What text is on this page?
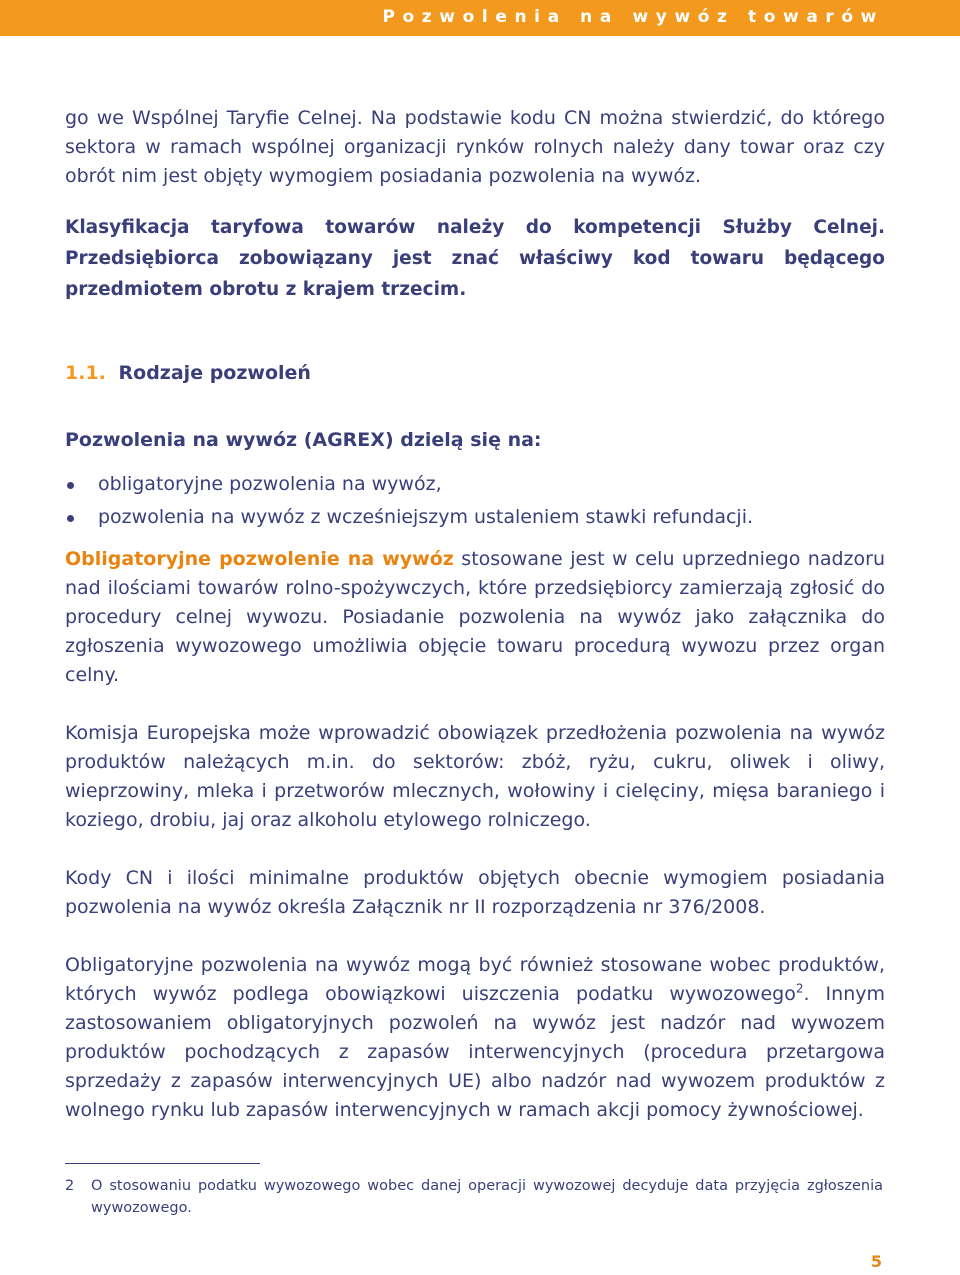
Pozwolenia na wywóz towarów

go we Wspólnej Taryfie Celnej. Na podstawie kodu CN można stwierdzić, do którego sektora w ramach wspólnej organizacji rynków rolnych należy dany towar oraz czy obrót nim jest objęty wymogiem posiadania pozwolenia na wywóz.

Klasyfikacja taryfowa towarów należy do kompetencji Służby Celnej. Przedsiębiorca zobowiązany jest znać właściwy kod towaru będącego przedmiotem obrotu z krajem trzecim.

1.1. Rodzaje pozwoleń

Pozwolenia na wywóz (AGREX) dzielą się na:

obligatoryjne pozwolenia na wywóz,
pozwolenia na wywóz z wcześniejszym ustaleniem stawki refundacji.

Obligatoryjne pozwolenie na wywóz stosowane jest w celu uprzedniego nadzoru nad ilościami towarów rolno-spożywczych, które przedsiębiorcy zamierzają zgłosić do procedury celnej wywozu. Posiadanie pozwolenia na wywóz jako załącznika do zgłoszenia wywozowego umożliwia objęcie towaru procedurą wywozu przez organ celny.

Komisja Europejska może wprowadzić obowiązek przedłożenia pozwolenia na wywóz produktów należących m.in. do sektorów: zbóż, ryżu, cukru, oliwek i oliwy, wieprzowiny, mleka i przetworów mlecznych, wołowiny i cielęciny, mięsa baraniego i koziego, drobiu, jaj oraz alkoholu etylowego rolniczego.

Kody CN i ilości minimalne produktów objętych obecnie wymogiem posiadania pozwolenia na wywóz określa Załącznik nr II rozporządzenia nr 376/2008.

Obligatoryjne pozwolenia na wywóz mogą być również stosowane wobec produktów, których wywóz podlega obowiązkowi uiszczenia podatku wywozowego$^2$. Innym zastosowaniem obligatoryjnych pozwoleń na wywóz jest nadzór nad wywozem produktów pochodzących z zapasów interwencyjnych (procedura przetargowa sprzedaży z zapasów interwencyjnych UE) albo nadzór nad wywozem produktów z wolnego rynku lub zapasów interwencyjnych w ramach akcji pomocy żywnościowej.

2	O stosowaniu podatku wywozowego wobec danej operacji wywozowej decyduje data przyjęcia zgłoszenia wywozowego.
5
